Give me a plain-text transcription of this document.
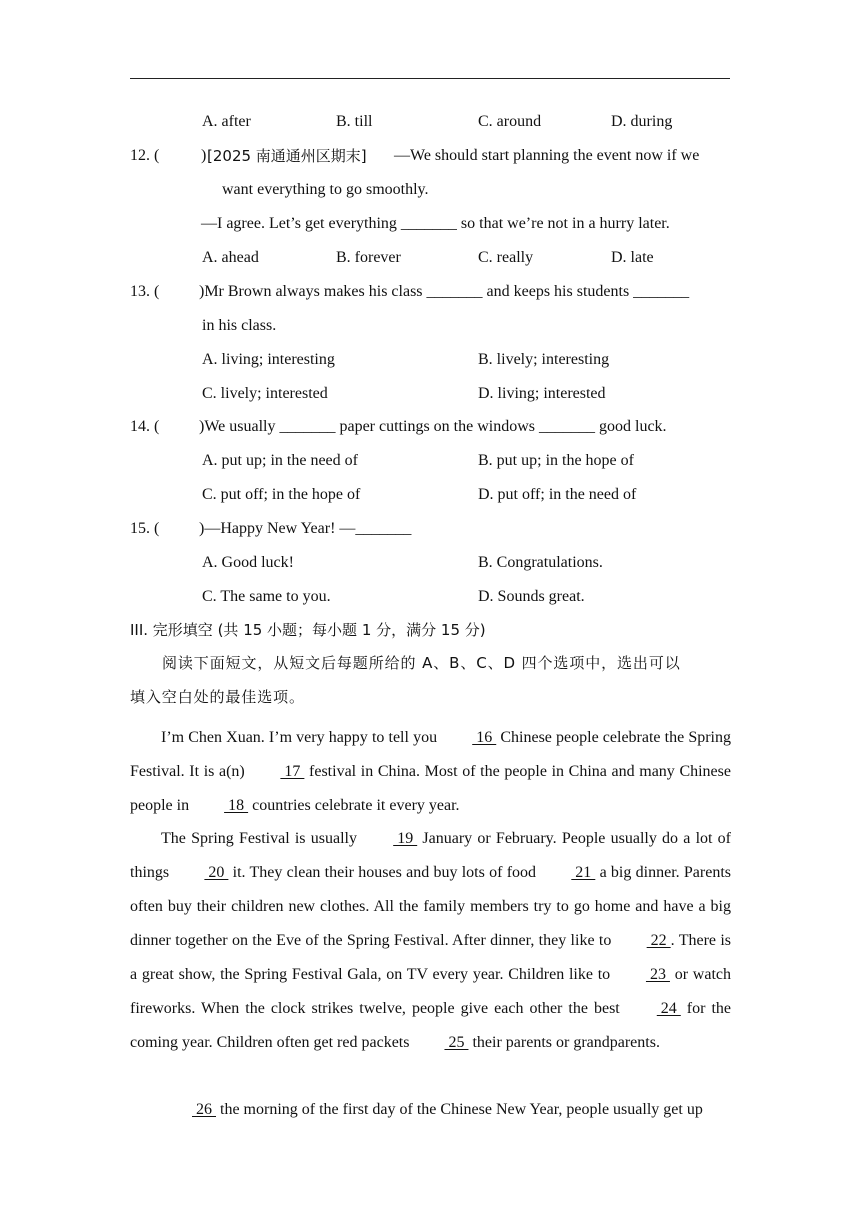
A. after	B. till	C. around	D. during
12. (	) [2025 南通通州区期末] —We should start planning the event now if we
want everything to go smoothly.
—I agree. Let’s get everything _______ so that we’re not in a hurry later.
A. ahead	B. forever	C. really	D. late
13. ( )Mr Brown always makes his class _______ and keeps his students _______
in his class.
A. living; interesting	B. lively; interesting
C. lively; interested	D. living; interested
14. ( )We usually _______ paper cuttings on the windows _______ good luck.
A. put up; in the need of	B. put up; in the hope of
C. put off; in the hope of	D. put off; in the need of
15. ( )—Happy New Year! —_______
A. Good luck!	B. Congratulations.
C. The same to you.	D. Sounds great.
III. 完形填空 (共 15 小题；每小题 1 分，满分 15 分)
阅读下面短文，从短文后每题所给的 A、B、C、D 四个选项中，选出可以
填入空白处的最佳选项。
I’m Chen Xuan. I’m very happy to tell you  16  Chinese people celebrate the Spring Festival. It is a(n)  17  festival in China. Most of the people in China and many Chinese people in  18  countries celebrate it every year.
The Spring Festival is usually  19  January or February. People usually do a lot of things  20  it. They clean their houses and buy lots of food  21  a big dinner. Parents often buy their children new clothes. All the family members try to go home and have a big dinner together on the Eve of the Spring Festival. After dinner, they like to  22 . There is a great show, the Spring Festival Gala, on TV every year. Children like to  23  or watch fireworks. When the clock strikes twelve, people give each other the best  24  for the coming year. Children often get red packets  25  their parents or grandparents.
26  the morning of the first day of the Chinese New Year, people usually get up
